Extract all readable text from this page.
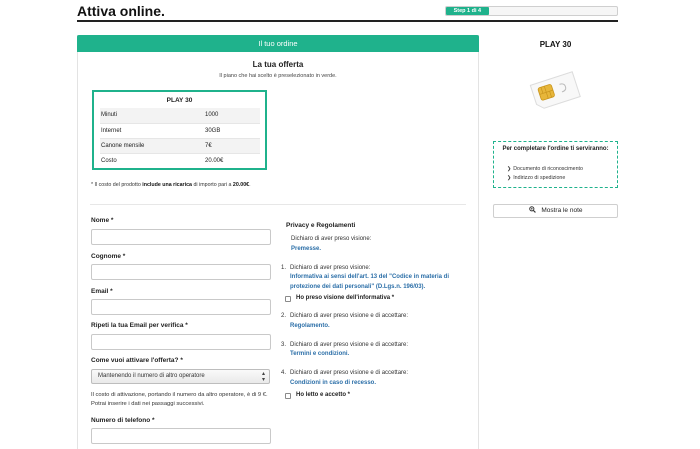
Attiva online.	Step 1 di 4
Il tuo ordine
La tua offerta
Il piano che hai scelto è preselezionato in verde.
PLAY 30
Minuti	1000
Internet	30GB
Canone mensile	7€
Costo	20.00€
* Il costo del prodotto include una ricarica di importo pari a 20.00€.
Nome *
Cognome *
Email *
Ripeti la tua Email per verifica *
Come vuoi attivare l'offerta? *
Mantenendo il numero di altro operatore	▴
▾
Il costo di attivazione, portando il numero da altro operatore, è di 9 €. Potrai inserire i dati nei passaggi successivi.
Numero di telefono *
Privacy e Regolamenti
Dichiaro di aver preso visione:
Premesse.
1. Dichiaro di aver preso visione:
Informativa ai sensi dell'art. 13 del "Codice in materia di protezione dei dati personali" (D.Lgs.n. 196/03).
Ho preso visione dell'informativa *
2. Dichiaro di aver preso visione e di accettare:
Regolamento.
3. Dichiaro di aver preso visione e di accettare:
Termini e condizioni.
4. Dichiaro di aver preso visione e di accettare:
Condizioni in caso di recesso.
Ho letto e accetto *
PLAY 30
Per completare l'ordine ti serviranno:
❯ Documento di riconoscimento
❯ Indirizzo di spedizione
Mostra le note
